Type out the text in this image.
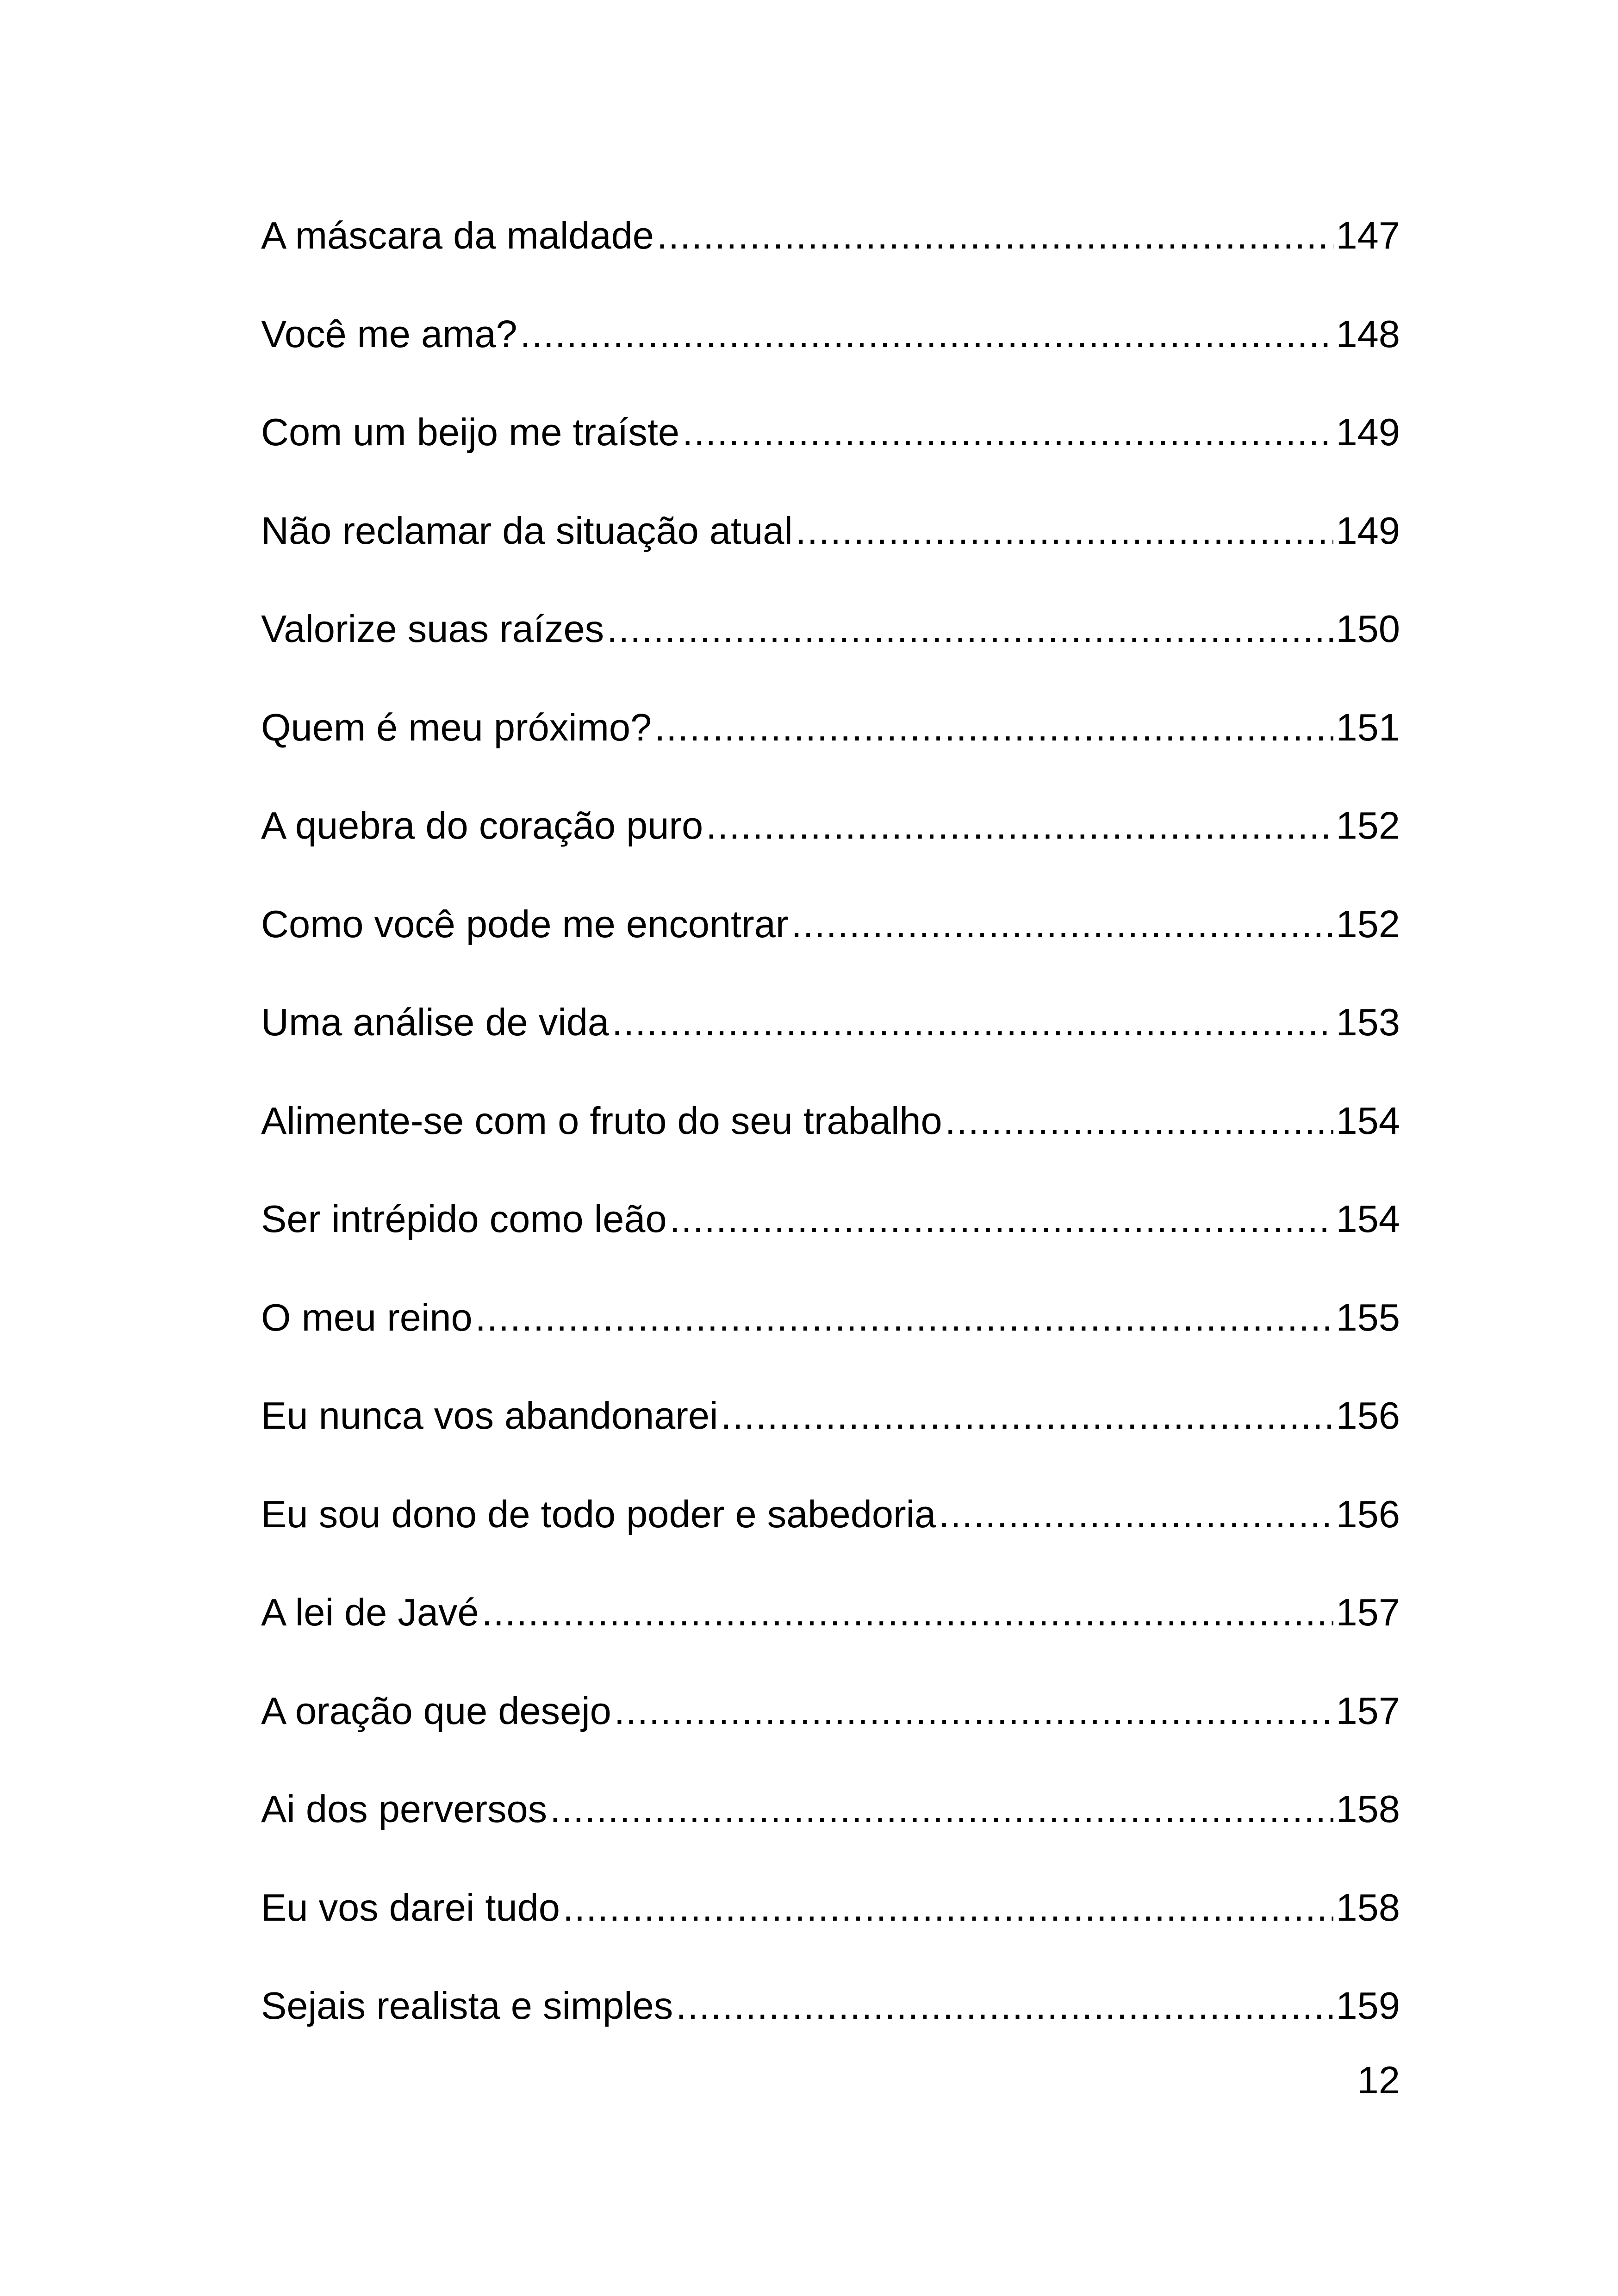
A máscara da maldade .....	147
Você me ama? .....	148
Com um beijo me traíste .....	149
Não reclamar da situação atual .....	149
Valorize suas raízes .....	150
Quem é meu próximo? .....	151
A quebra do coração puro .....	152
Como você pode me encontrar .....	152
Uma análise de vida .....	153
Alimente-se com o fruto do seu trabalho .....	154
Ser intrépido como leão .....	154
O meu reino .....	155
Eu nunca vos abandonarei .....	156
Eu sou dono de todo poder e sabedoria .....	156
A lei de Javé .....	157
A oração que desejo .....	157
Ai dos perversos .....	158
Eu vos darei tudo .....	158
Sejais realista e simples .....	159
12
